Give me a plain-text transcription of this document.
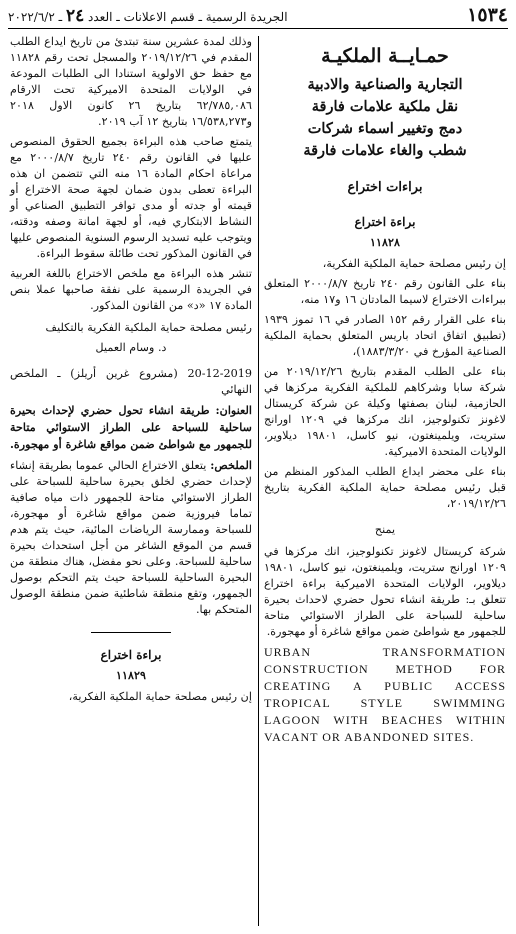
١٥٣٤
الجريدة الرسمية ـ قسم الاعلانات ـ العدد ٢٤ ـ ٢٠٢٢/٦/٢
حمـايــة الملكيـة
التجارية والصناعية والادبية
نقل ملكية علامات فارقة
دمج وتغيير اسماء شركات
شطب والغاء علامات فارقة
براءات اختراع
براءة اختراع
١١٨٢٨

إن رئيس مصلحة حماية الملكية الفكرية،

بناء على القانون رقم ٢٤٠ تاريخ ٢٠٠٠/٨/٧ المتعلق ببراءات الاختراع لاسيما المادتان ١٦ و١٧ منه،

بناء على القرار رقم ١٥٢ الصادر في ١٦ تموز ١٩٣٩ (تطبيق اتفاق اتحاد باريس المتعلق بحماية الملكية الصناعية المؤرخ في ١٨٨٣/٣/٢٠)،

بناء على الطلب المقدم بتاريخ ٢٠١٩/١٢/٢٦ من شركة سابا وشركاهم للملكية الفكرية مركزها في الحازمية، لبنان بصفتها وكيلة عن شركة كريستال لاغونز تكنولوجيز، انك مركزها في ١٢٠٩ اورانج ستريت، ويلمينغتون، نيو كاسل، ١٩٨٠١ ديلاوير، الولايات المتحدة الاميركية.

بناء على محضر ايداع الطلب المذكور المنظم من قبل رئيس مصلحة حماية الملكية الفكرية بتاريخ ٢٠١٩/١٢/٢٦،

يمنح

شركة كريستال لاغونز تكنولوجيز، انك مركزها في ١٢٠٩ اورانج ستريت، ويلمينغتون، نيو كاسل، ١٩٨٠١ ديلاوير، الولايات المتحدة الاميركية براءة اختراع تتعلق بـ: طريقة انشاء تحول حضري لاحداث بحيرة ساحلية للسباحة على الطراز الاستوائي متاحة للجمهور مع شواطئ ضمن مواقع شاغرة أو مهجورة.

URBAN TRANSFORMATION CONSTRUCTION METHOD FOR CREATING A PUBLIC ACCESS TROPICAL STYLE SWIMMING LAGOON WITH BEACHES WITHIN VACANT OR ABANDONED SITES.

وذلك لمدة عشرين سنة تبتدئ من تاريخ ايداع الطلب المقدم في ٢٠١٩/١٢/٢٦ والمسجل تحت رقم ١١٨٢٨ مع حفظ حق الاولوية استنادا الى الطلبات المودعة في الولايات المتحدة الاميركية تحت الارقام ٦٢/٧٨٥,٠٨٦ بتاريخ ٢٦ كانون الاول ٢٠١٨ و١٦/٥٣٨,٢٧٣ بتاريخ ١٢ آب ٢٠١٩.

يتمتع صاحب هذه البراءة بجميع الحقوق المنصوص عليها في القانون رقم ٢٤٠ تاريخ ٢٠٠٠/٨/٧ مع مراعاة احكام المادة ١٦ منه التي تتضمن ان هذه البراءة تعطى بدون ضمان لجهة صحة الاختراع أو قيمته أو جدته أو مدى توافر التطبيق الصناعي أو النشاط الابتكاري فيه، أو لجهة امانة وصفه ودقته، ويتوجب عليه تسديد الرسوم السنوية المنصوص عليها في القانون المذكور تحت طائلة سقوط البراءة.

تنشر هذه البراءة مع ملخص الاختراع باللغة العربية في الجريدة الرسمية على نفقة صاحبها عملا بنص المادة ١٧ «د» من القانون المذكور.

رئيس مصلحة حماية الملكية الفكرية بالتكليف

د. وسام العميل

20-12-2019 (مشروع غرين أريلز) ـ الملخص النهائي

العنوان: طريقة انشاء تحول حضري لإحداث بحيرة ساحلية للسباحة على الطراز الاستوائي متاحة للجمهور مع شواطئ ضمن مواقع شاغرة أو مهجورة.

الملخص: يتعلق الاختراع الحالي عموما بطريقة إنشاء لإحداث حضري لخلق بحيرة ساحلية للسباحة على الطراز الاستوائي متاحة للجمهور ذات مياه صافية تماما فيروزية ضمن مواقع شاغرة أو مهجورة، للسباحة وممارسة الرياضات المائية، حيث يتم هدم قسم من الموقع الشاغر من أجل استحداث بحيرة ساحلية للسباحة. وعلى نحو مفضل، هناك منطقة من البحيرة الساحلية للسباحة حيث يتم التحكم بوصول الجمهور، وتقع منطقة شاطئية ضمن منطقة الوصول المتحكم بها.

براءة اختراع
١١٨٢٩

إن رئيس مصلحة حماية الملكية الفكرية،
